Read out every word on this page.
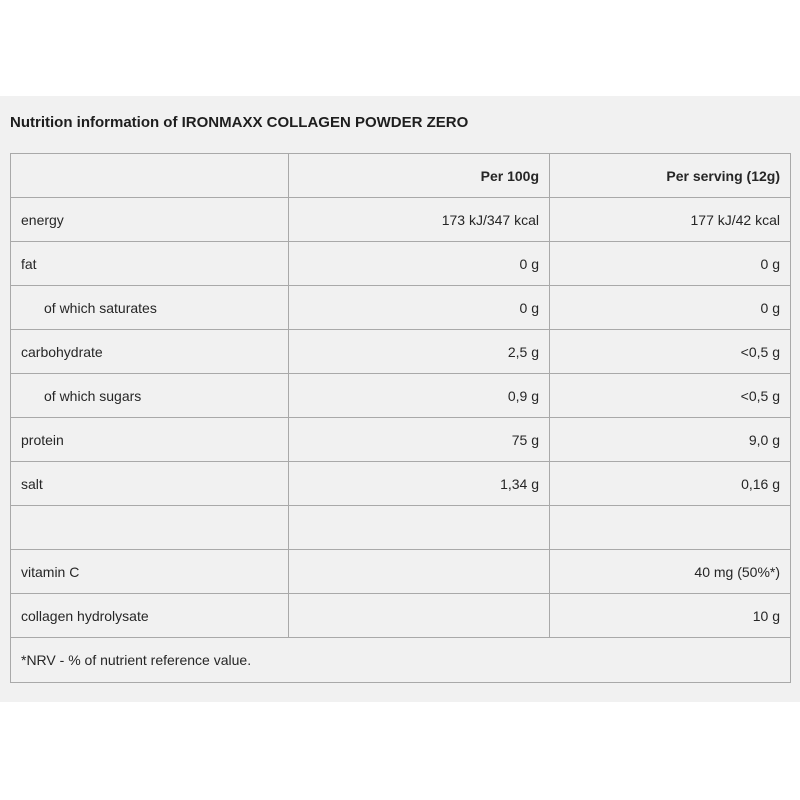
Nutrition information of IRONMAXX COLLAGEN POWDER ZERO
	Per 100g	Per serving (12g)
energy	173 kJ/347 kcal	177 kJ/42 kcal
fat	0 g	0 g
of which saturates	0 g	0 g
carbohydrate	2,5 g	<0,5 g
of which sugars	0,9 g	<0,5 g
protein	75 g	9,0 g
salt	1,34 g	0,16 g

vitamin C		40 mg (50%*)
collagen hydrolysate		10 g
*NRV - % of nutrient reference value.		
